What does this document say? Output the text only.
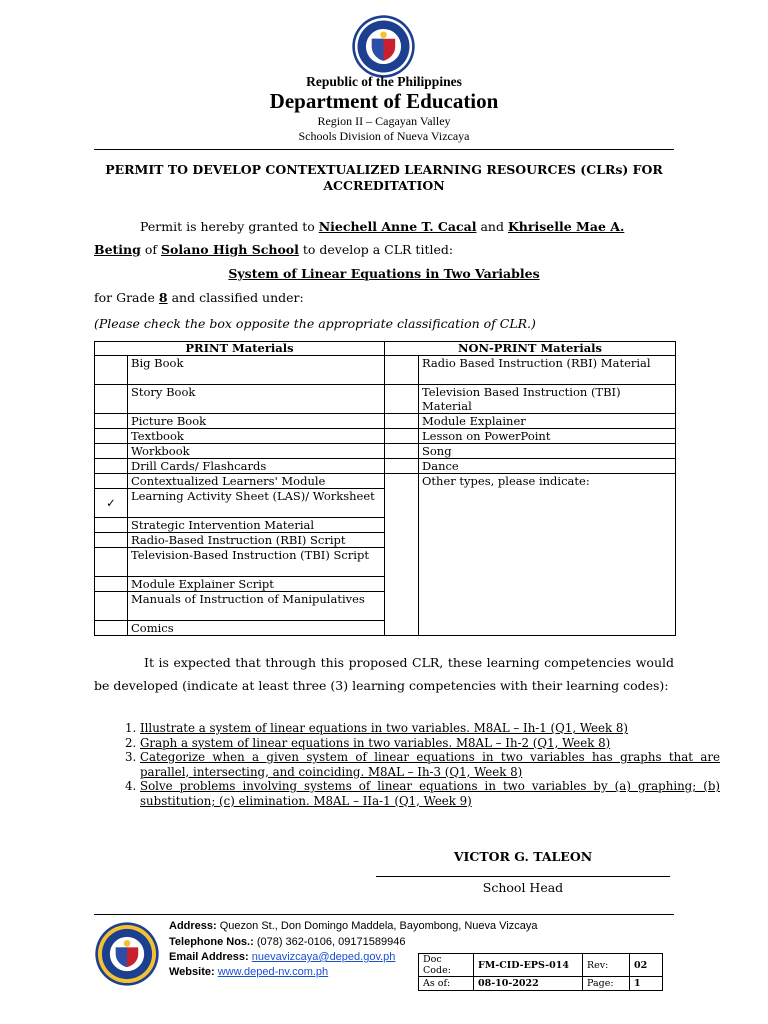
Republic of the Philippines
Department of Education
Region II – Cagayan Valley
Schools Division of Nueva Vizcaya
PERMIT TO DEVELOP CONTEXTUALIZED LEARNING RESOURCES (CLRs) FOR
ACCREDITATION
Permit is hereby granted to Niechell Anne T. Cacal and Khriselle Mae A.
Beting of Solano High School to develop a CLR titled:
System of Linear Equations in Two Variables
for Grade 8 and classified under:
(Please check the box opposite the appropriate classification of CLR.)
PRINT Materials		NON-PRINT Materials	
	Big Book		Radio Based Instruction (RBI) Material
	Story Book		Television Based Instruction (TBI) Material
	Picture Book		Module Explainer
	Textbook		Lesson on PowerPoint
	Workbook		Song
	Drill Cards/ Flashcards		Dance
	Contextualized Learners' Module		Other types, please indicate:
✓	Learning Activity Sheet (LAS)/ Worksheet		
	Strategic Intervention Material		
	Radio-Based Instruction (RBI) Script		
	Television-Based Instruction (TBI) Script		
	Module Explainer Script		
	Manuals of Instruction of Manipulatives		
	Comics		
It is expected that through this proposed CLR, these learning competencies would be developed (indicate at least three (3) learning competencies with their learning codes):
1. Illustrate a system of linear equations in two variables. M8AL – Ih-1 (Q1, Week 8)
2. Graph a system of linear equations in two variables. M8AL – Ih-2 (Q1, Week 8)
3. Categorize when a given system of linear equations in two variables has graphs that are parallel, intersecting, and coinciding. M8AL – Ih-3 (Q1, Week 8)
4. Solve problems involving systems of linear equations in two variables by (a) graphing; (b) substitution; (c) elimination. M8AL – IIa-1 (Q1, Week 9)
VICTOR G. TALEON
School Head
Address: Quezon St., Don Domingo Maddela, Bayombong, Nueva Vizcaya
Telephone Nos.: (078) 362-0106, 09171589946
Email Address: nuevavizcaya@deped.gov.ph
Website: www.deped-nv.com.ph
Doc Code:	FM-CID-EPS-014	Rev:	02
As of:	08-10-2022	Page:	1
